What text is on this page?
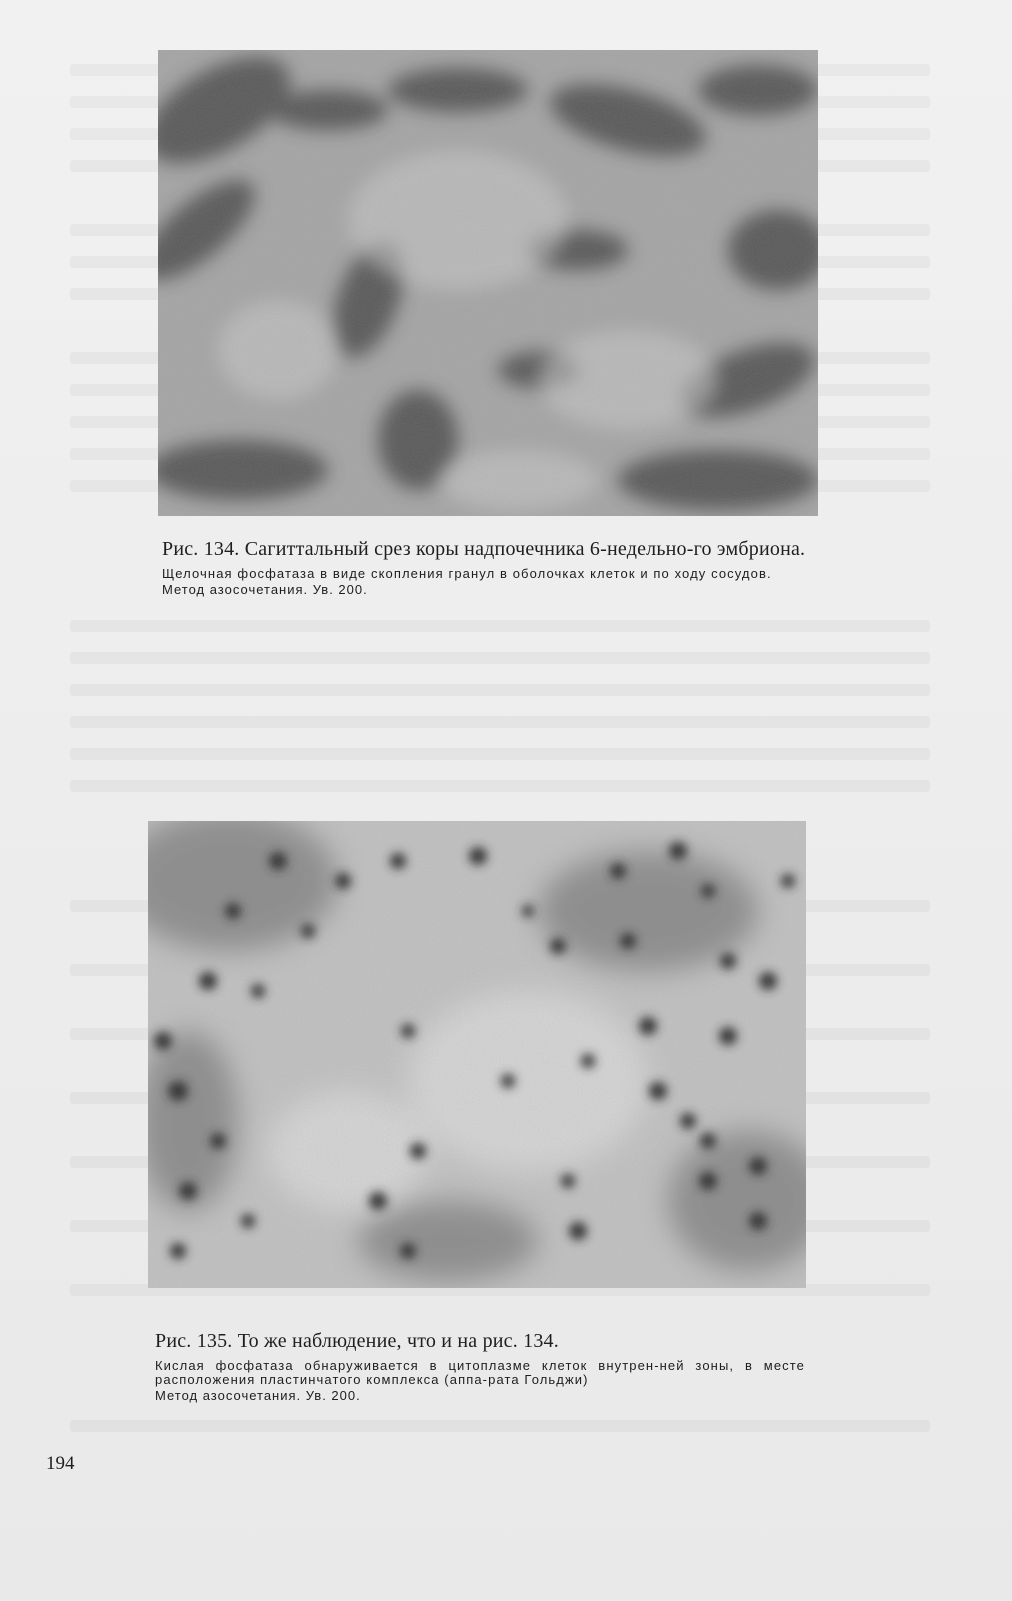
Рис. 134. Сагиттальный срез коры надпочечника 6-недельно-го эмбриона.

Щелочная фосфатаза в виде скопления гранул в оболочках клеток и по ходу сосудов.

Метод азосочетания. Ув. 200.

Рис. 135. То же наблюдение, что и на рис. 134.

Кислая фосфатаза обнаруживается в цитоплазме клеток внутрен-ней зоны, в месте расположения пластинчатого комплекса (аппа-рата Гольджи)

Метод азосочетания. Ув. 200.

194
